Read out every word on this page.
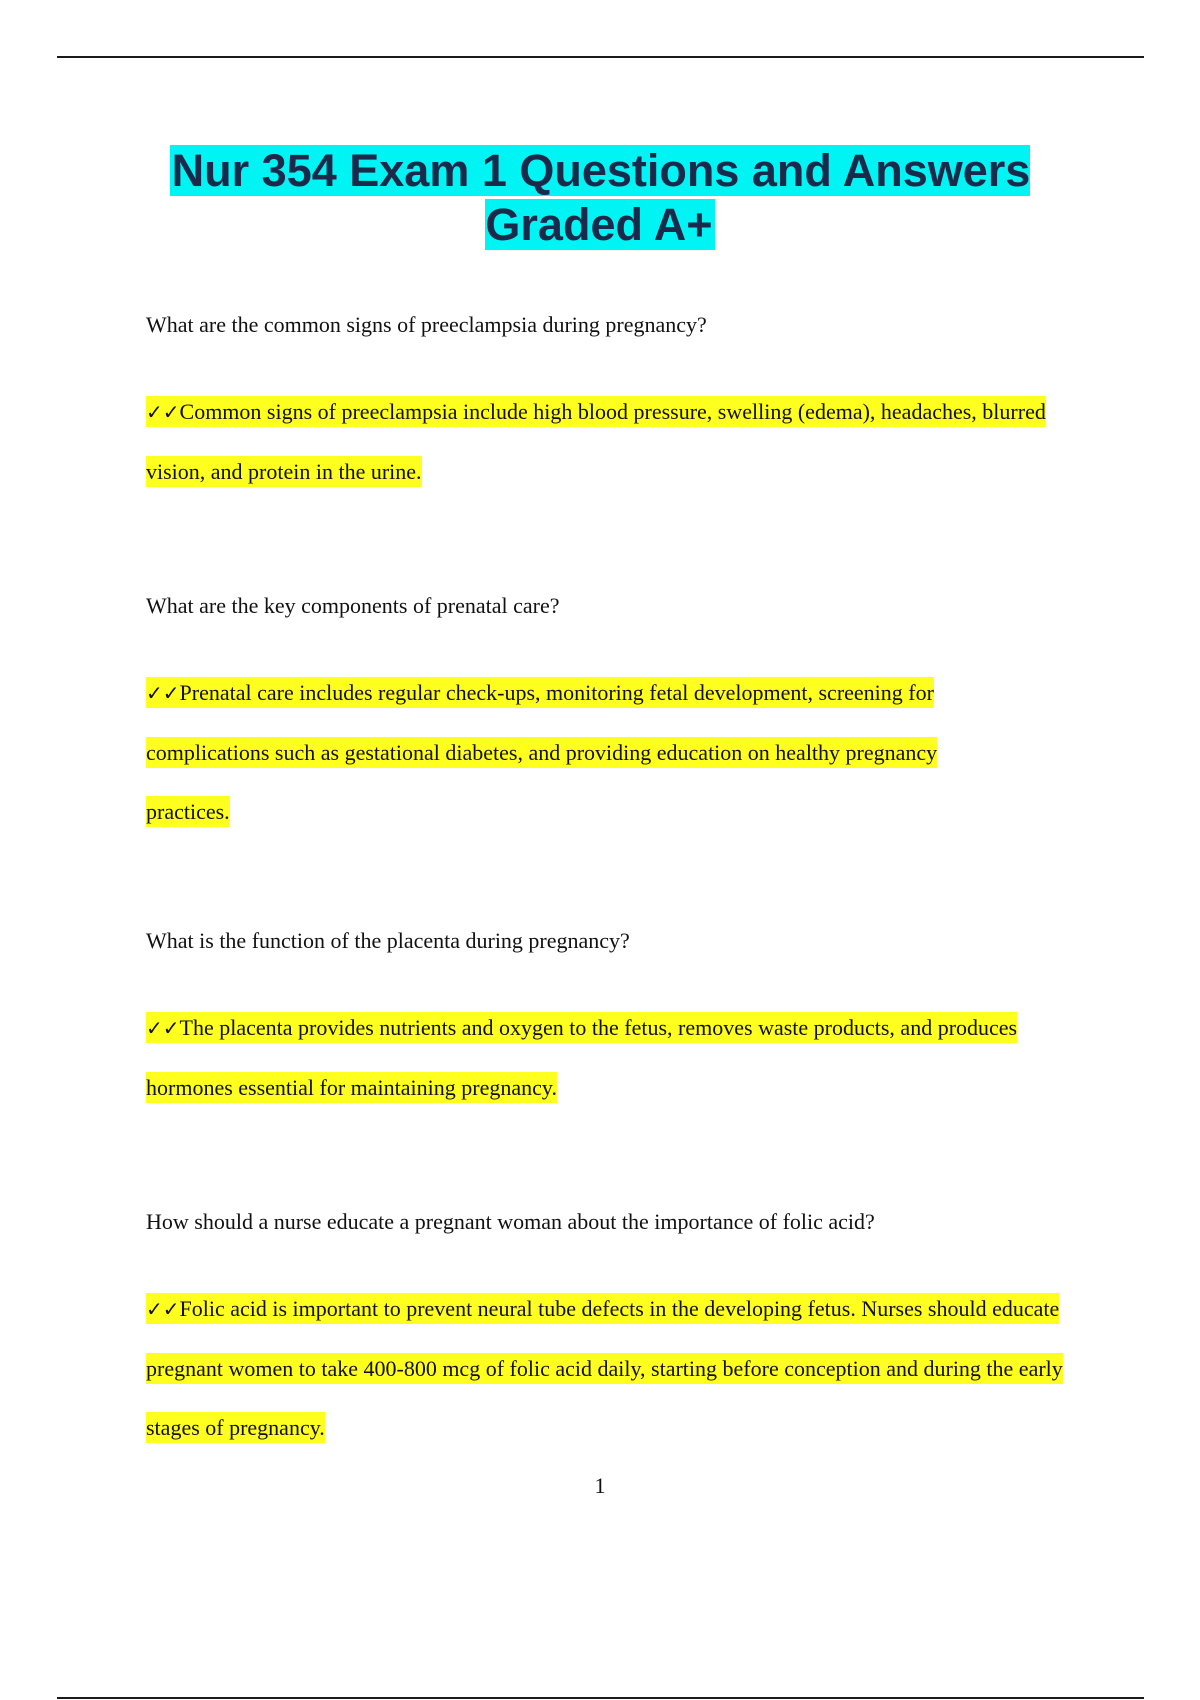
Nur 354 Exam 1 Questions and Answers Graded A+

What are the common signs of preeclampsia during pregnancy?

✓✓Common signs of preeclampsia include high blood pressure, swelling (edema), headaches, blurred vision, and protein in the urine.

What are the key components of prenatal care?

✓✓Prenatal care includes regular check-ups, monitoring fetal development, screening for complications such as gestational diabetes, and providing education on healthy pregnancy practices.

What is the function of the placenta during pregnancy?

✓✓The placenta provides nutrients and oxygen to the fetus, removes waste products, and produces hormones essential for maintaining pregnancy.

How should a nurse educate a pregnant woman about the importance of folic acid?

✓✓Folic acid is important to prevent neural tube defects in the developing fetus. Nurses should educate pregnant women to take 400-800 mcg of folic acid daily, starting before conception and during the early stages of pregnancy.

1
